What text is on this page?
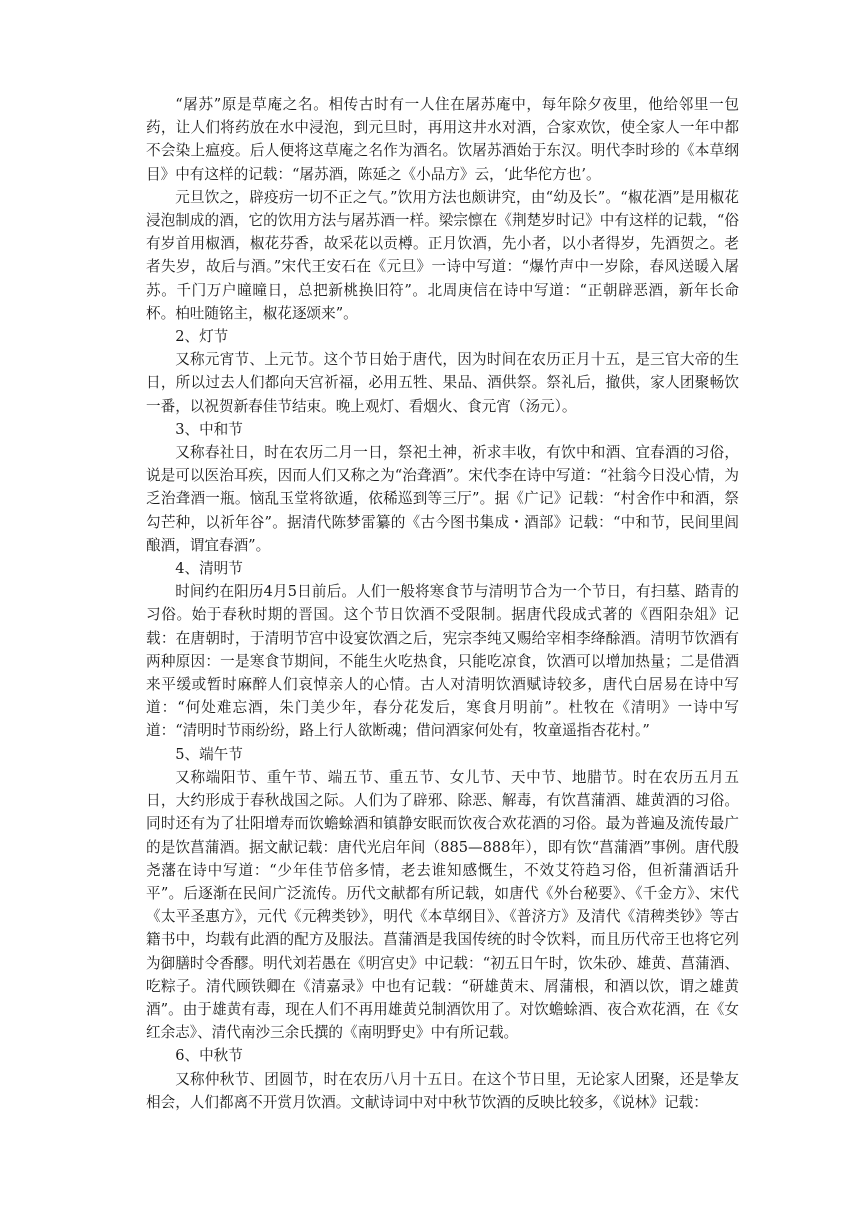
“屠苏”原是草庵之名。相传古时有一人住在屠苏庵中，每年除夕夜里，他给邻里一包药，让人们将药放在水中浸泡，到元旦时，再用这井水对酒，合家欢饮，使全家人一年中都不会染上瘟疫。后人便将这草庵之名作为酒名。饮屠苏酒始于东汉。明代李时珍的《本草纲目》中有这样的记载：“屠苏酒，陈延之《小品方》云，‘此华佗方也’。

元旦饮之，辟疫疠一切不正之气。”饮用方法也颇讲究，由“幼及长”。“椒花酒”是用椒花浸泡制成的酒，它的饮用方法与屠苏酒一样。梁宗懔在《荆楚岁时记》中有这样的记载，“俗有岁首用椒酒，椒花芬香，故采花以贡樽。正月饮酒，先小者，以小者得岁，先酒贺之。老者失岁，故后与酒。”宋代王安石在《元旦》一诗中写道：“爆竹声中一岁除，春风送暖入屠苏。千门万户曈曈日，总把新桃换旧符”。北周庚信在诗中写道：“正朝辟恶酒，新年长命杯。柏吐随铭主，椒花逐颂来”。

2、灯节

又称元宵节、上元节。这个节日始于唐代，因为时间在农历正月十五，是三官大帝的生日，所以过去人们都向天宫祈福，必用五牲、果品、酒供祭。祭礼后，撤供，家人团聚畅饮一番，以祝贺新春佳节结束。晚上观灯、看烟火、食元宵（汤元）。

3、中和节

又称春社日，时在农历二月一日，祭祀土神，祈求丰收，有饮中和酒、宜春酒的习俗，说是可以医治耳疾，因而人们又称之为“治聋酒”。宋代李在诗中写道：“社翁今日没心情，为乏治聋酒一瓶。恼乱玉堂将欲遁，依稀巡到等三厅”。据《广记》记载：“村舍作中和酒，祭勾芒种，以祈年谷”。据清代陈梦雷纂的《古今图书集成・酒部》记载：“中和节，民间里闾酿酒，谓宜春酒”。

4、清明节

时间约在阳历4月5日前后。人们一般将寒食节与清明节合为一个节日，有扫墓、踏青的习俗。始于春秋时期的晋国。这个节日饮酒不受限制。据唐代段成式著的《酉阳杂俎》记载：在唐朝时，于清明节宫中设宴饮酒之后，宪宗李纯又赐给宰相李绛酴酒。清明节饮酒有两种原因：一是寒食节期间，不能生火吃热食，只能吃凉食，饮酒可以增加热量；二是借酒来平缓或暂时麻醉人们哀悼亲人的心情。古人对清明饮酒赋诗较多，唐代白居易在诗中写道：“何处难忘酒，朱门美少年，春分花发后，寒食月明前”。杜牧在《清明》一诗中写道：“清明时节雨纷纷，路上行人欲断魂；借问酒家何处有，牧童遥指杏花村。”

5、端午节

又称端阳节、重午节、端五节、重五节、女儿节、天中节、地腊节。时在农历五月五日，大约形成于春秋战国之际。人们为了辟邪、除恶、解毒，有饮菖蒲酒、雄黄酒的习俗。同时还有为了壮阳增寿而饮蟾蜍酒和镇静安眠而饮夜合欢花酒的习俗。最为普遍及流传最广的是饮菖蒲酒。据文献记载：唐代光启年间（885—888年），即有饮“菖蒲酒”事例。唐代殷尧藩在诗中写道：“少年佳节倍多情，老去谁知感慨生，不效艾符趋习俗，但祈蒲酒话升平”。后逐渐在民间广泛流传。历代文献都有所记载，如唐代《外台秘要》、《千金方》、宋代《太平圣惠方》，元代《元稗类钞》，明代《本草纲目》、《普济方》及清代《清稗类钞》等古籍书中，均载有此酒的配方及服法。菖蒲酒是我国传统的时令饮料，而且历代帝王也将它列为御膳时令香醪。明代刘若愚在《明宫史》中记载：“初五日午时，饮朱砂、雄黄、菖蒲酒、吃粽子。清代顾铁卿在《清嘉录》中也有记载：“研雄黄末、屑蒲根，和酒以饮，谓之雄黄酒”。由于雄黄有毒，现在人们不再用雄黄兑制酒饮用了。对饮蟾蜍酒、夜合欢花酒，在《女红余志》、清代南沙三余氏撰的《南明野史》中有所记载。

6、中秋节

又称仲秋节、团圆节，时在农历八月十五日。在这个节日里，无论家人团聚，还是挚友相会，人们都离不开赏月饮酒。文献诗词中对中秋节饮酒的反映比较多，《说林》记载：
